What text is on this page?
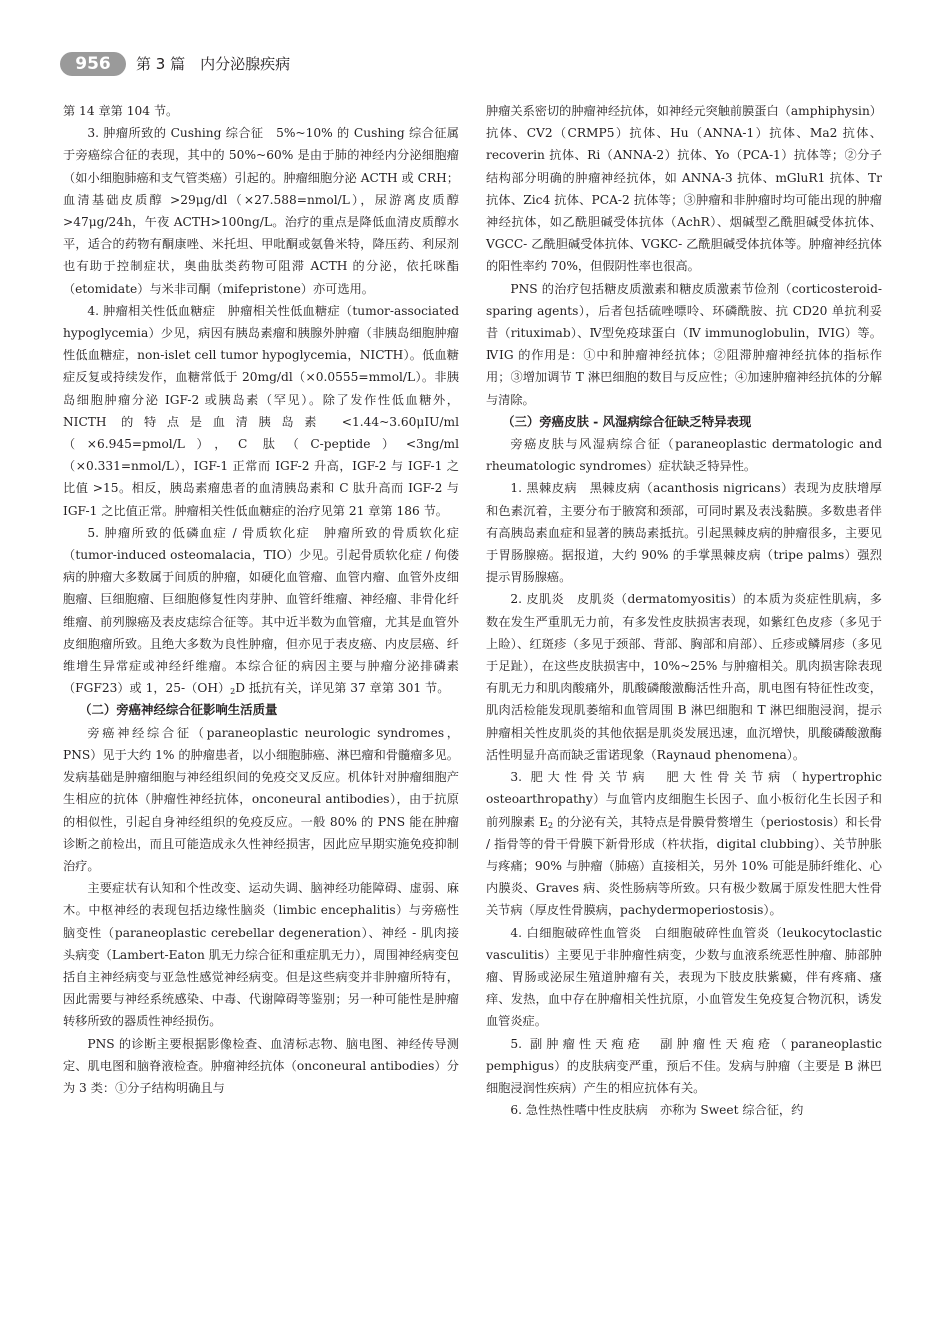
956	第 3 篇　内分泌腺疾病

第 14 章第 104 节。

3. 肿瘤所致的 Cushing 综合征　5%~10% 的 Cushing 综合征属于旁癌综合征的表现，其中的 50%~60% 是由于肺的神经内分泌细胞瘤（如小细胞肺癌和支气管类癌）引起的。肿瘤细胞分泌 ACTH 或 CRH；血清基础皮质醇 >29μg/dl（×27.588=nmol/L），尿游离皮质醇 >47μg/24h，午夜 ACTH>100ng/L。治疗的重点是降低血清皮质醇水平，适合的药物有酮康唑、米托坦、甲吡酮或氨鲁米特，降压药、利尿剂也有助于控制症状，奥曲肽类药物可阻滞 ACTH 的分泌，依托咪酯（etomidate）与米非司酮（mifepristone）亦可选用。

4. 肿瘤相关性低血糖症　肿瘤相关性低血糖症（tumor-associated hypoglycemia）少见，病因有胰岛素瘤和胰腺外肿瘤（非胰岛细胞肿瘤性低血糖症，non-islet cell tumor hypoglycemia，NICTH）。低血糖症反复或持续发作，血糖常低于 20mg/dl（×0.0555=mmol/L）。非胰岛细胞肿瘤分泌 IGF-2 或胰岛素（罕见）。除了发作性低血糖外，NICTH 的特点是血清胰岛素 <1.44~3.60μIU/ml（×6.945=pmol/L），C 肽（C-peptide）<3ng/ml（×0.331=nmol/L），IGF-1 正常而 IGF-2 升高，IGF-2 与 IGF-1 之比值 >15。相反，胰岛素瘤患者的血清胰岛素和 C 肽升高而 IGF-2 与 IGF-1 之比值正常。肿瘤相关性低血糖症的治疗见第 21 章第 186 节。

5. 肿瘤所致的低磷血症 / 骨质软化症　肿瘤所致的骨质软化症（tumor-induced osteomalacia，TIO）少见。引起骨质软化症 / 佝偻病的肿瘤大多数属于间质的肿瘤，如硬化血管瘤、血管内瘤、血管外皮细胞瘤、巨细胞瘤、巨细胞修复性肉芽肿、血管纤维瘤、神经瘤、非骨化纤维瘤、前列腺癌及表皮痣综合征等。其中近半数为血管瘤，尤其是血管外皮细胞瘤所致。且绝大多数为良性肿瘤，但亦见于表皮癌、内皮层癌、纤维增生异常症或神经纤维瘤。本综合征的病因主要与肿瘤分泌排磷素（FGF23）或 1，$25-(OH)_2D$ 抵抗有关，详见第 37 章第 301 节。

（二）旁癌神经综合征影响生活质量

旁癌神经综合征（paraneoplastic neurologic syndromes，PNS）见于大约 1% 的肿瘤患者，以小细胞肺癌、淋巴瘤和骨髓瘤多见。发病基础是肿瘤细胞与神经组织间的免疫交叉反应。机体针对肿瘤细胞产生相应的抗体（肿瘤性神经抗体，onconeural antibodies），由于抗原的相似性，引起自身神经组织的免疫反应。一般 80% 的 PNS 能在肿瘤诊断之前检出，而且可能造成永久性神经损害，因此应早期实施免疫抑制治疗。

主要症状有认知和个性改变、运动失调、脑神经功能障碍、虚弱、麻木。中枢神经的表现包括边缘性脑炎（limbic encephalitis）与旁癌性脑变性（paraneoplastic cerebellar degeneration）、神经 - 肌肉接头病变（Lambert-Eaton 肌无力综合征和重症肌无力），周围神经病变包括自主神经病变与亚急性感觉神经病变。但是这些病变并非肿瘤所特有，因此需要与神经系统感染、中毒、代谢障碍等鉴别；另一种可能性是肿瘤转移所致的器质性神经损伤。

PNS 的诊断主要根据影像检查、血清标志物、脑电图、神经传导测定、肌电图和脑脊液检查。肿瘤神经抗体（onconeural antibodies）分为 3 类：①分子结构明确且与

肿瘤关系密切的肿瘤神经抗体，如神经元突触前膜蛋白（amphiphysin）抗体、CV2（CRMP5）抗体、Hu（ANNA-1）抗体、Ma2 抗体、recoverin 抗体、Ri（ANNA-2）抗体、Yo（PCA-1）抗体等；②分子结构部分明确的肿瘤神经抗体，如 ANNA-3 抗体、mGluR1 抗体、Tr 抗体、Zic4 抗体、PCA-2 抗体等；③肿瘤和非肿瘤时均可能出现的肿瘤神经抗体，如乙酰胆碱受体抗体（AchR）、烟碱型乙酰胆碱受体抗体、VGCC- 乙酰胆碱受体抗体、VGKC- 乙酰胆碱受体抗体等。肿瘤神经抗体的阳性率约 70%，但假阴性率也很高。

PNS 的治疗包括糖皮质激素和糖皮质激素节俭剂（corticosteroid-sparing agents），后者包括硫唑嘌呤、环磷酰胺、抗 CD20 单抗利妥昔（rituximab）、Ⅳ型免疫球蛋白（Ⅳ immunoglobulin，ⅣIG）等。ⅣIG 的作用是：①中和肿瘤神经抗体；②阻滞肿瘤神经抗体的指标作用；③增加调节 T 淋巴细胞的数目与反应性；④加速肿瘤神经抗体的分解与清除。

（三）旁癌皮肤 - 风湿病综合征缺乏特异表现

旁癌皮肤与风湿病综合征（paraneoplastic dermatologic and rheumatologic syndromes）症状缺乏特异性。

1. 黑棘皮病　黑棘皮病（acanthosis nigricans）表现为皮肤增厚和色素沉着，主要分布于腋窝和颈部，可同时累及表浅黏膜。多数患者伴有高胰岛素血症和显著的胰岛素抵抗。引起黑棘皮病的肿瘤很多，主要见于胃肠腺癌。据报道，大约 90% 的手掌黑棘皮病（tripe palms）强烈提示胃肠腺癌。

2. 皮肌炎　皮肌炎（dermatomyositis）的本质为炎症性肌病，多数在发生严重肌无力前，有多发性皮肤损害表现，如紫红色皮疹（多见于上睑）、红斑疹（多见于颈部、背部、胸部和肩部）、丘疹或鳞屑疹（多见于足趾），在这些皮肤损害中，10%~25% 与肿瘤相关。肌肉损害除表现有肌无力和肌肉酸痛外，肌酸磷酸激酶活性升高，肌电图有特征性改变，肌肉活检能发现肌萎缩和血管周围 B 淋巴细胞和 T 淋巴细胞浸润，提示肿瘤相关性皮肌炎的其他依据是肌炎发展迅速，血沉增快，肌酸磷酸激酶活性明显升高而缺乏雷诺现象（Raynaud phenomena）。

3. 肥大性骨关节病　肥大性骨关节病（hypertrophic osteoarthropathy）与血管内皮细胞生长因子、血小板衍化生长因子和前列腺素 $E_2$ 的分泌有关，其特点是骨膜骨赘增生（periostosis）和长骨 / 指骨等的骨干骨膜下新骨形成（杵状指，digital clubbing）、关节肿胀与疼痛；90% 与肿瘤（肺癌）直接相关，另外 10% 可能是肺纤维化、心内膜炎、Graves 病、炎性肠病等所致。只有极少数属于原发性肥大性骨关节病（厚皮性骨膜病，pachydermoperiostosis）。

4. 白细胞破碎性血管炎　白细胞破碎性血管炎（leukocytoclastic vasculitis）主要见于非肿瘤性病变，少数与血液系统恶性肿瘤、肺部肿瘤、胃肠或泌尿生殖道肿瘤有关，表现为下肢皮肤紫癜，伴有疼痛、瘙痒、发热，血中存在肿瘤相关性抗原，小血管发生免疫复合物沉积，诱发血管炎症。

5. 副肿瘤性天疱疮　副肿瘤性天疱疮（paraneoplastic pemphigus）的皮肤病变严重，预后不佳。发病与肿瘤（主要是 B 淋巴细胞浸润性疾病）产生的相应抗体有关。

6. 急性热性嗜中性皮肤病　亦称为 Sweet 综合征，约
